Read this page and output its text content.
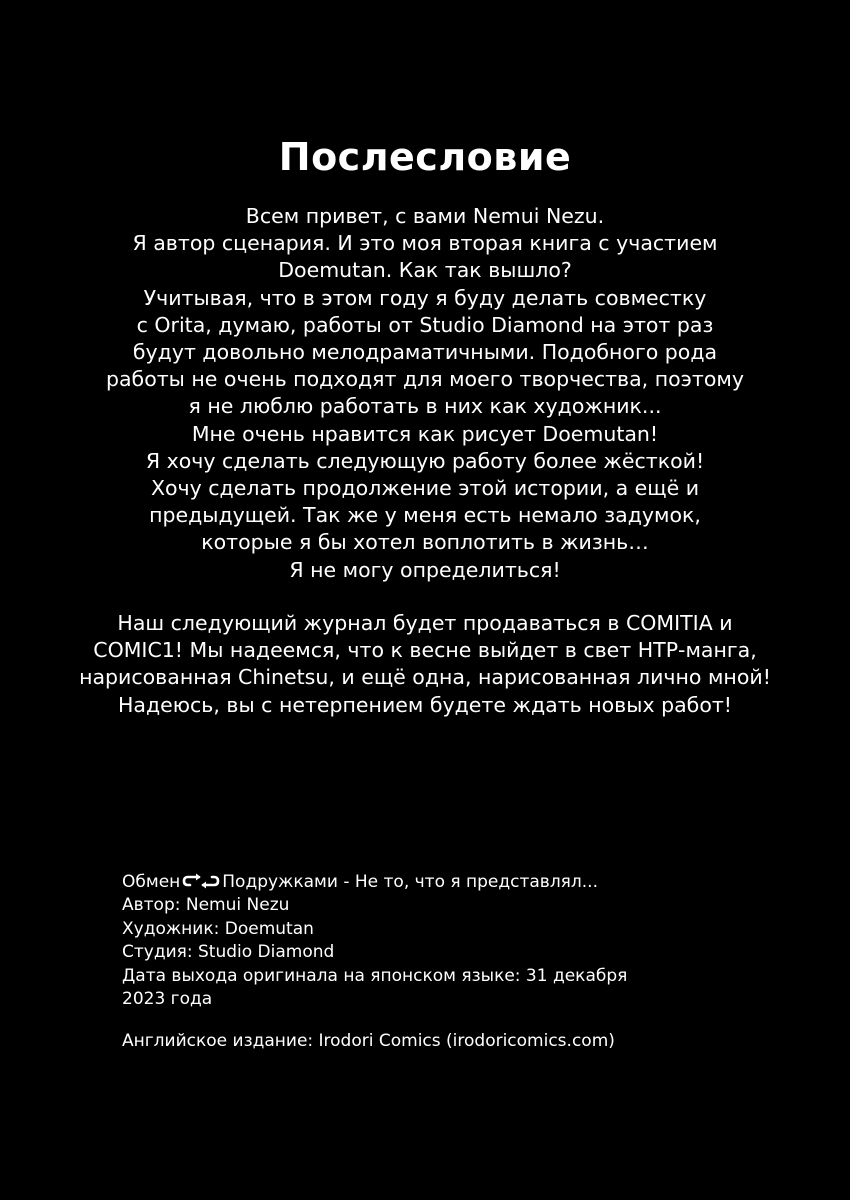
Послесловие
Всем привет, с вами Nemui Nezu.
Я автор сценария. И это моя вторая книга с участием
Doemutan. Как так вышло?
Учитывая, что в этом году я буду делать совместку
с Orita, думаю, работы от Studio Diamond на этот раз
будут довольно мелодраматичными. Подобного рода
работы не очень подходят для моего творчества, поэтому
я не люблю работать в них как художник...
Мне очень нравится как рисует Doemutan!
Я хочу сделать следующую работу более жёсткой!
Хочу сделать продолжение этой истории, а ещё и
предыдущей. Так же у меня есть немало задумок,
которые я бы хотел воплотить в жизнь…
Я не могу определиться!
Наш следующий журнал будет продаваться в COMITIA и
COMIC1! Мы надеемся, что к весне выйдет в свет НТР-манга,
нарисованная Chinetsu, и ещё одна, нарисованная лично мной!
Надеюсь, вы с нетерпением будете ждать новых работ!
Обмен Подружками - Не то, что я представлял...
Автор: Nemui Nezu
Художник: Doemutan
Студия: Studio Diamond
Дата выхода оригинала на японском языке: 31 декабря
2023 года
Английское издание: Irodori Comics (irodoricomics.com)
